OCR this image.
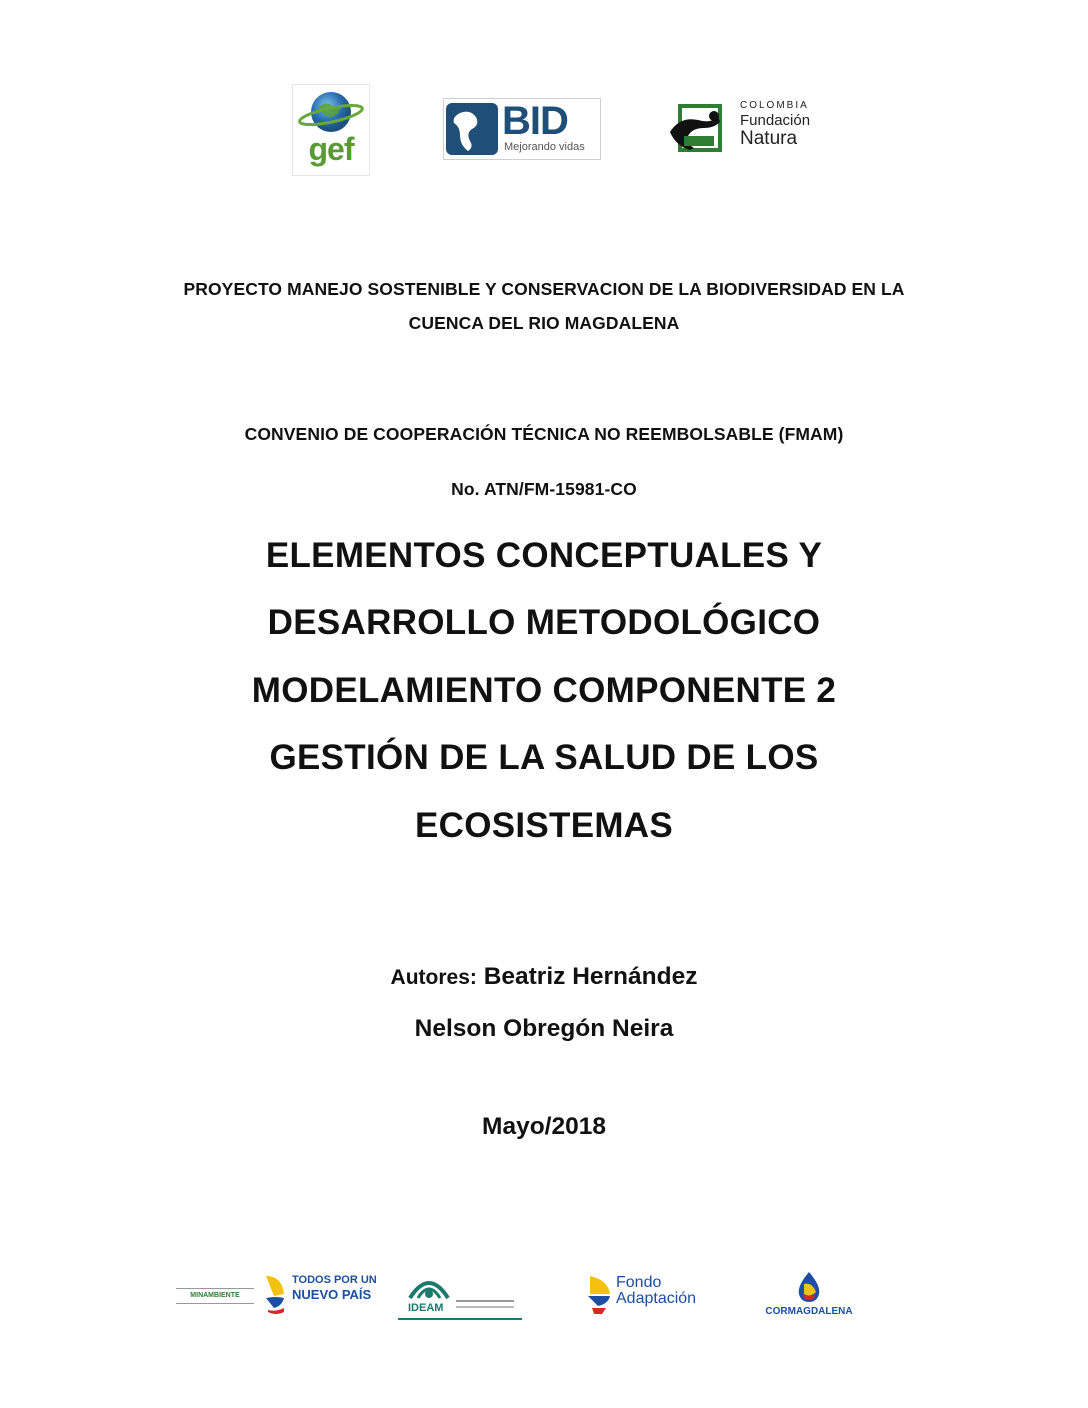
gef
BID
Mejorando vidas
COLOMBIA
Fundación
Natura
PROYECTO MANEJO SOSTENIBLE Y CONSERVACION DE LA BIODIVERSIDAD EN LA
CUENCA DEL RIO MAGDALENA
CONVENIO DE COOPERACIÓN TÉCNICA NO REEMBOLSABLE (FMAM)
No. ATN/FM-15981-CO
ELEMENTOS CONCEPTUALES Y
DESARROLLO METODOLÓGICO
MODELAMIENTO COMPONENTE 2
GESTIÓN DE LA SALUD DE LOS
ECOSISTEMAS
Autores: Beatriz Hernández
Nelson Obregón Neira
Mayo/2018
MINAMBIENTE
TODOS POR UN
NUEVO PAÍS
IDEAM
Fondo
Adaptación
CORMAGDALENA
